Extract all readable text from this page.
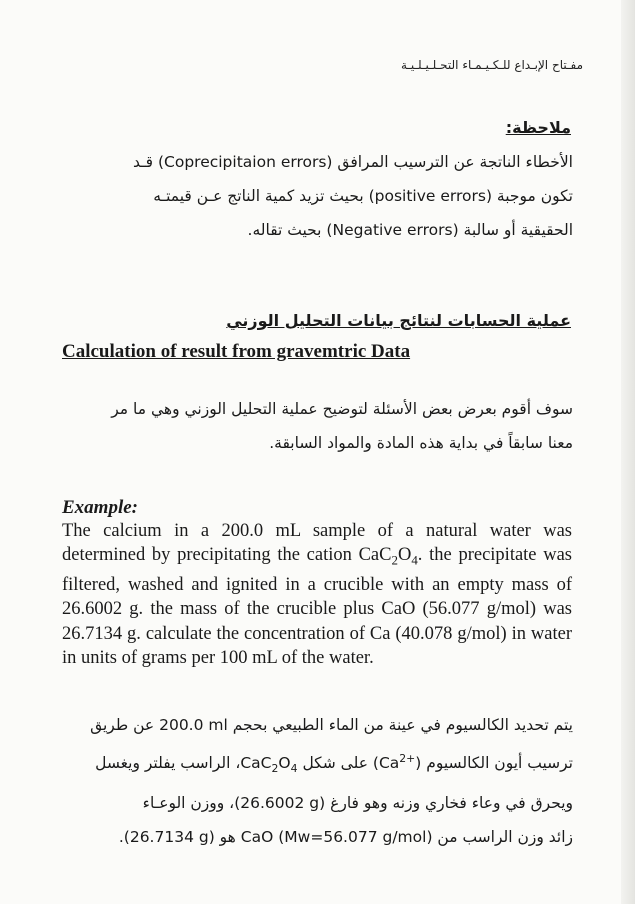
مفـتاح الإبـداع للـكـيـمـاء التحـلـيـلـيـة
ملاحظة:
الأخطاء الناتجة عن الترسيب المرافق (Coprecipitaion errors) قـد
تكون موجبة (positive errors) بحيث تزيد كمية الناتج عـن قيمتـه
الحقيقية أو سالبة (Negative errors) بحيث تقاله.
عملية الحسابات لنتائج بيانات التحليل الوزني
Calculation of result from gravemtric Data
سوف أقوم بعرض بعض الأسئلة لتوضيح عملية التحليل الوزني وهي ما مر
معنا سابقاً في بداية هذه المادة والمواد السابقة.
Example:
The calcium in a 200.0 mL sample of a natural water was determined by precipitating the cation $CaC_2O_4$. the precipitate was filtered, washed and ignited in a crucible with an empty mass of 26.6002 g. the mass of the crucible plus CaO (56.077 g/mol) was 26.7134 g. calculate the concentration of Ca (40.078 g/mol) in water in units of grams per 100 mL of the water.
يتم تحديد الكالسيوم في عينة من الماء الطبيعي بحجم 200.0 ml عن طريق
ترسيب أيون الكالسيوم $(Ca^{2+})$ على شكل $CaC_2O_4،$ الراسب يفلتر ويغسل
ويحرق في وعاء فخاري وزنه وهو فارغ (26.6002 g)، ووزن الوعـاء
زائد وزن الراسب من CaO (Mw=56.077 g/mol) هو (26.7134 g).
